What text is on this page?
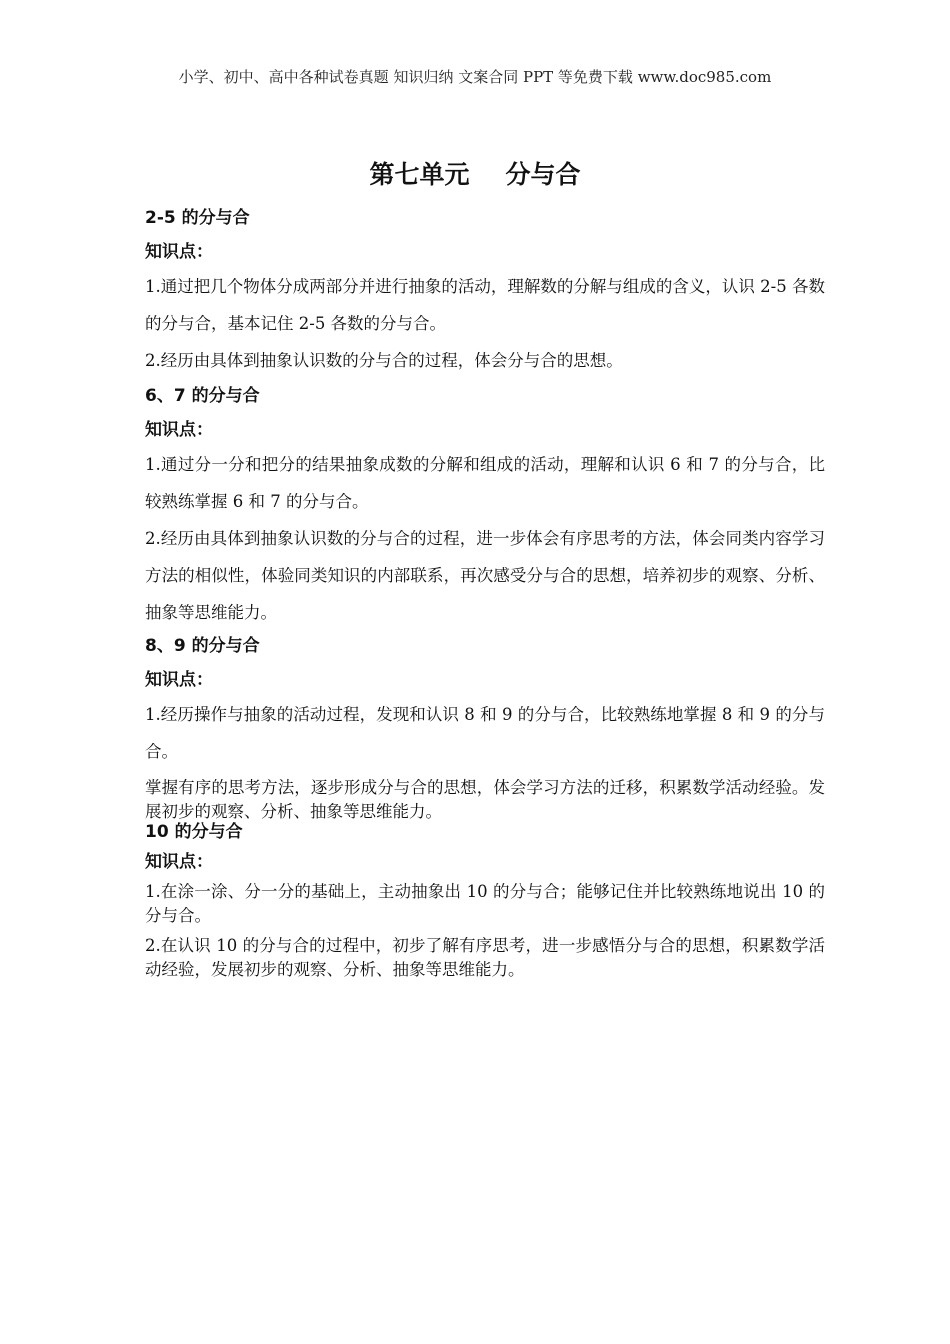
小学、初中、高中各种试卷真题 知识归纳 文案合同 PPT 等免费下载 www.doc985.com
第七单元 分与合
2-5 的分与合
知识点：
1.通过把几个物体分成两部分并进行抽象的活动，理解数的分解与组成的含义，认识 2-5 各数的分与合，基本记住 2-5 各数的分与合。
2.经历由具体到抽象认识数的分与合的过程，体会分与合的思想。
6、7 的分与合
知识点：
1.通过分一分和把分的结果抽象成数的分解和组成的活动，理解和认识 6 和 7 的分与合，比较熟练掌握 6 和 7 的分与合。
2.经历由具体到抽象认识数的分与合的过程，进一步体会有序思考的方法，体会同类内容学习方法的相似性，体验同类知识的内部联系，再次感受分与合的思想，培养初步的观察、分析、抽象等思维能力。
8、9 的分与合
知识点：
1.经历操作与抽象的活动过程，发现和认识 8 和 9 的分与合，比较熟练地掌握 8 和 9 的分与合。
掌握有序的思考方法，逐步形成分与合的思想，体会学习方法的迁移，积累数学活动经验。发展初步的观察、分析、抽象等思维能力。
10 的分与合
知识点：
1.在涂一涂、分一分的基础上，主动抽象出 10 的分与合；能够记住并比较熟练地说出 10 的分与合。
2.在认识 10 的分与合的过程中，初步了解有序思考，进一步感悟分与合的思想，积累数学活动经验，发展初步的观察、分析、抽象等思维能力。
